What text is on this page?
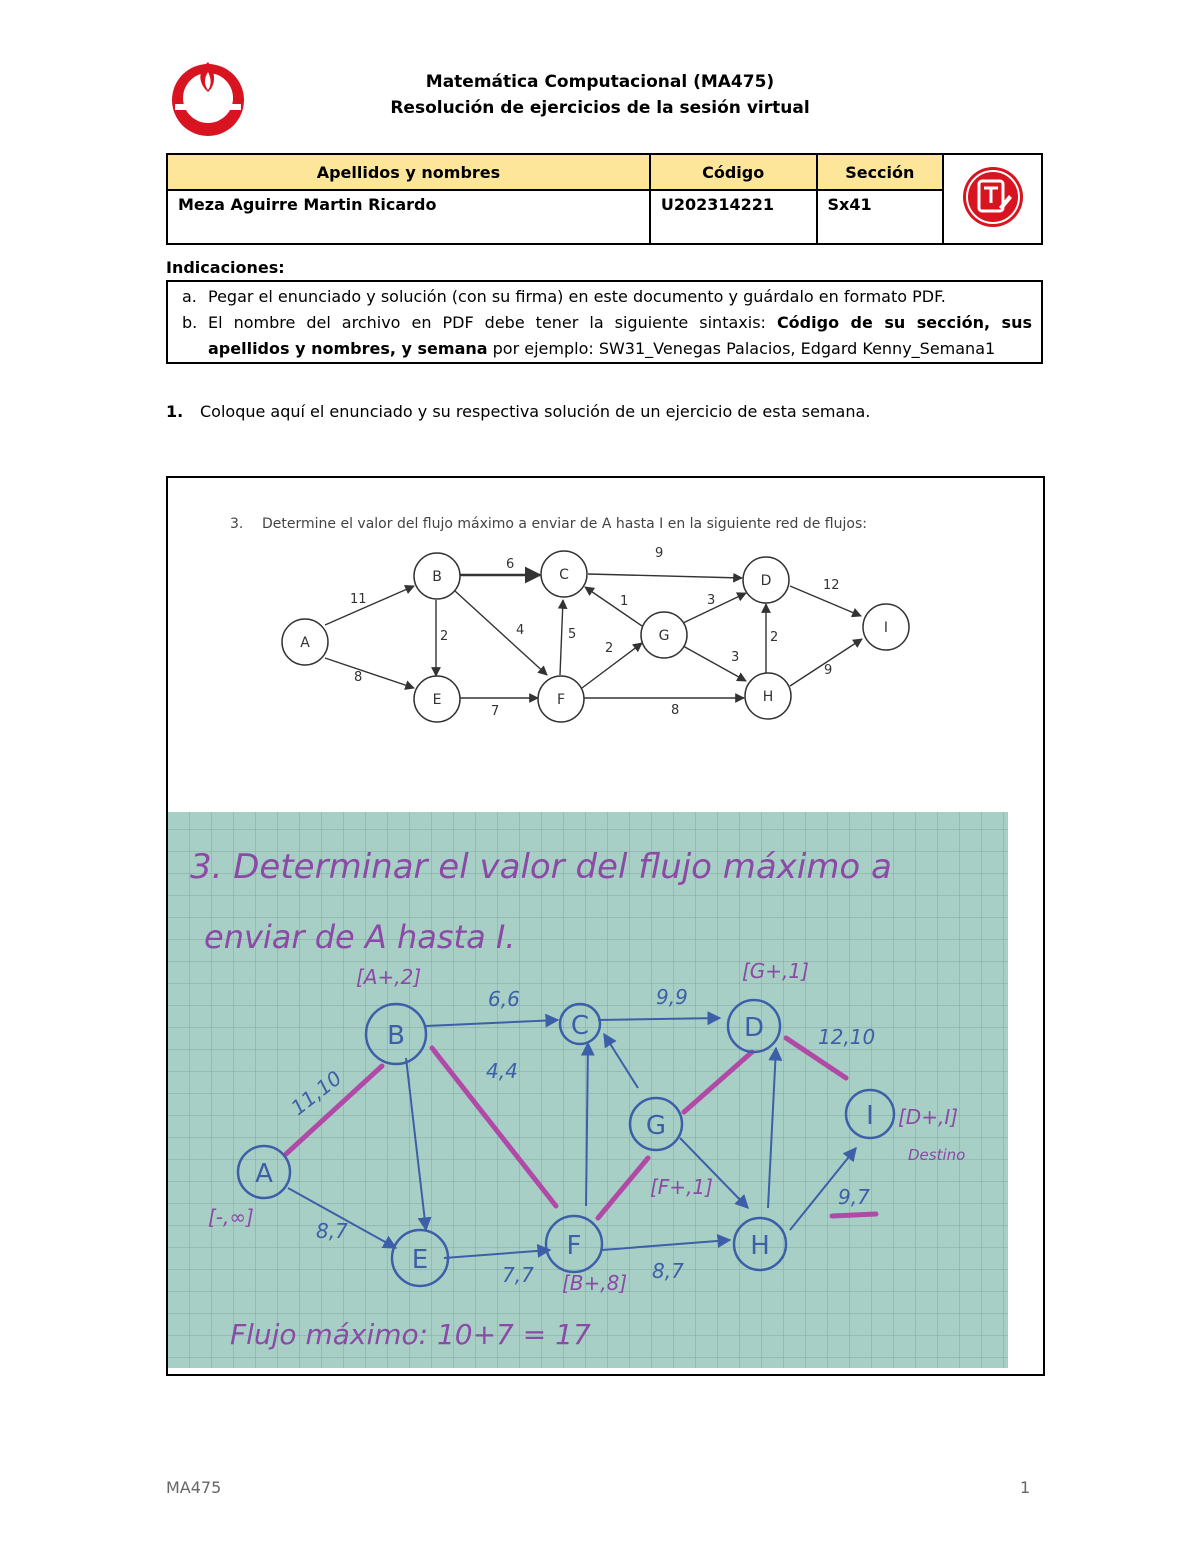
Matemática Computacional (MA475)
Resolución de ejercicios de la sesión virtual
Apellidos y nombres	Código	Sección	
Meza Aguirre Martin Ricardo	U202314221	Sx41	
Indicaciones:
a. Pegar el enunciado y solución (con su firma) en este documento y guárdalo en formato PDF.
b. El nombre del archivo en PDF debe tener la siguiente sintaxis: Código de su sección, sus
apellidos y nombres, y semana por ejemplo: SW31_Venegas Palacios, Edgard Kenny_Semana1
1. Coloque aquí el enunciado y su respectiva solución de un ejercicio de esta semana.
3. Determine el valor del flujo máximo a enviar de A hasta I en la siguiente red de flujos:
11
8
6
2	4
7
5
2
8
1	3
3
9
2
12
9
A
B	C	D
E	F
G
H
I
3. Determinar el valor del flujo máximo a
enviar de A hasta I.
A
B	C	D
E	F
G
H
I
[A+,2]	[G+,1]
[-,∞]
[B+,8]
[F+,1]
[D+,I]
Destino
11,10
6,6	9,9
4,4
8,7
7,7	8,7
12,10
9,7
Flujo máximo: 10+7 = 17
MA475	1
